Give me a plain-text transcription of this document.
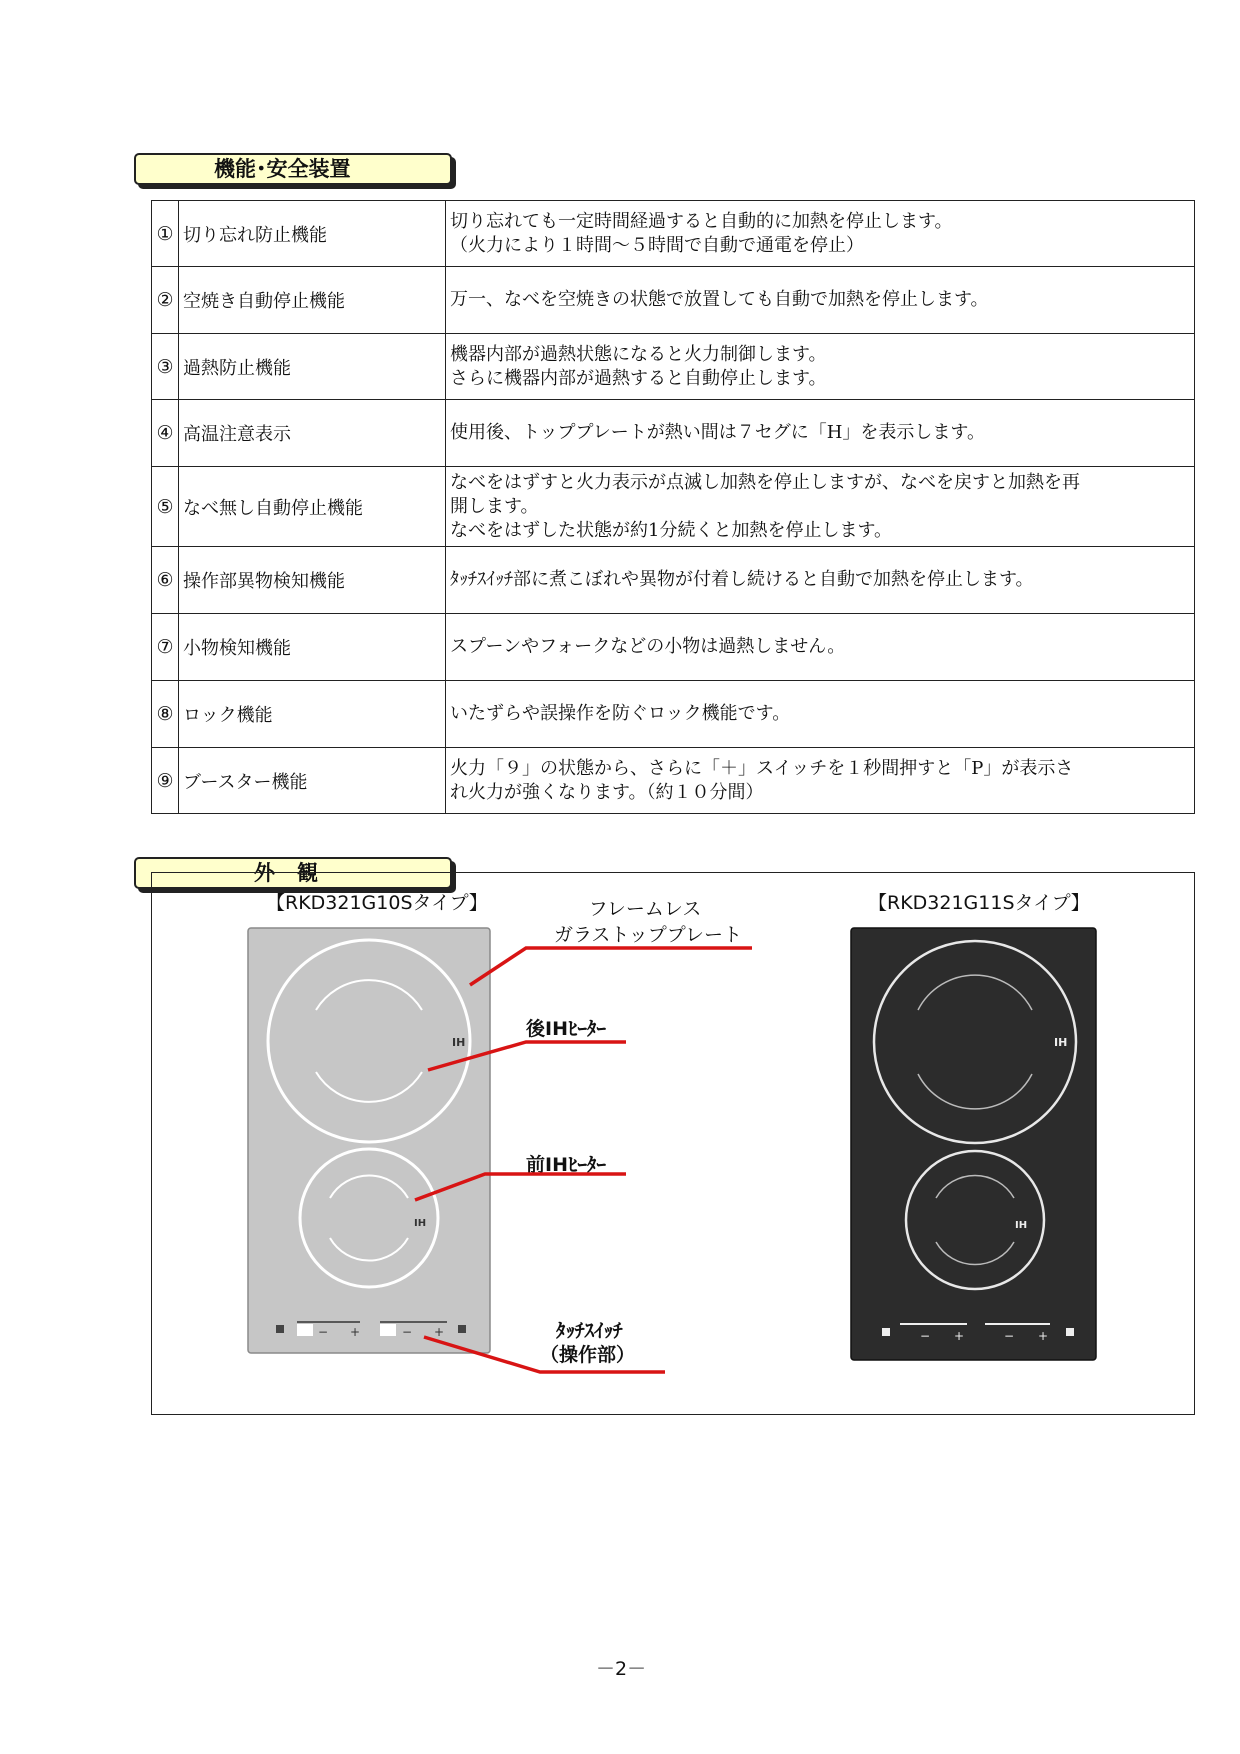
機能･安全装置
①	切り忘れ防止機能	切り忘れても一定時間経過すると自動的に加熱を停止します。
（火力により１時間～５時間で自動で通電を停止）

②	空焼き自動停止機能	万一、なべを空焼きの状態で放置しても自動で加熱を停止します。

③	過熱防止機能	機器内部が過熱状態になると火力制御します。
さらに機器内部が過熱すると自動停止します。

④	高温注意表示	使用後、トッププレートが熱い間は７セグに「H」を表示します。

⑤	なべ無し自動停止機能	なべをはずすと火力表示が点滅し加熱を停止しますが、なべを戻すと加熱を再
開します。
なべをはずした状態が約1分続くと加熱を停止します。

⑥	操作部異物検知機能	ﾀｯﾁｽｲｯﾁ部に煮こぼれや異物が付着し続けると自動で加熱を停止します。

⑦	小物検知機能	スプーンやフォークなどの小物は過熱しません。

⑧	ロック機能	いたずらや誤操作を防ぐロック機能です。

⑨	ブースター機能	火力「９」の状態から、さらに「＋」スイッチを１秒間押すと「P」が表示さ
れ火力が強くなります。（約１０分間）
外観
【RKD321G10Sタイプ】	【RKD321G11Sタイプ】
フレームレス
ガラストッププレート
後IHﾋｰﾀｰ
前IHﾋｰﾀｰ
ﾀｯﾁｽｲｯﾁ
（操作部）
IH
IH
− +	− +
IH
IH
− +	− +
－2－
